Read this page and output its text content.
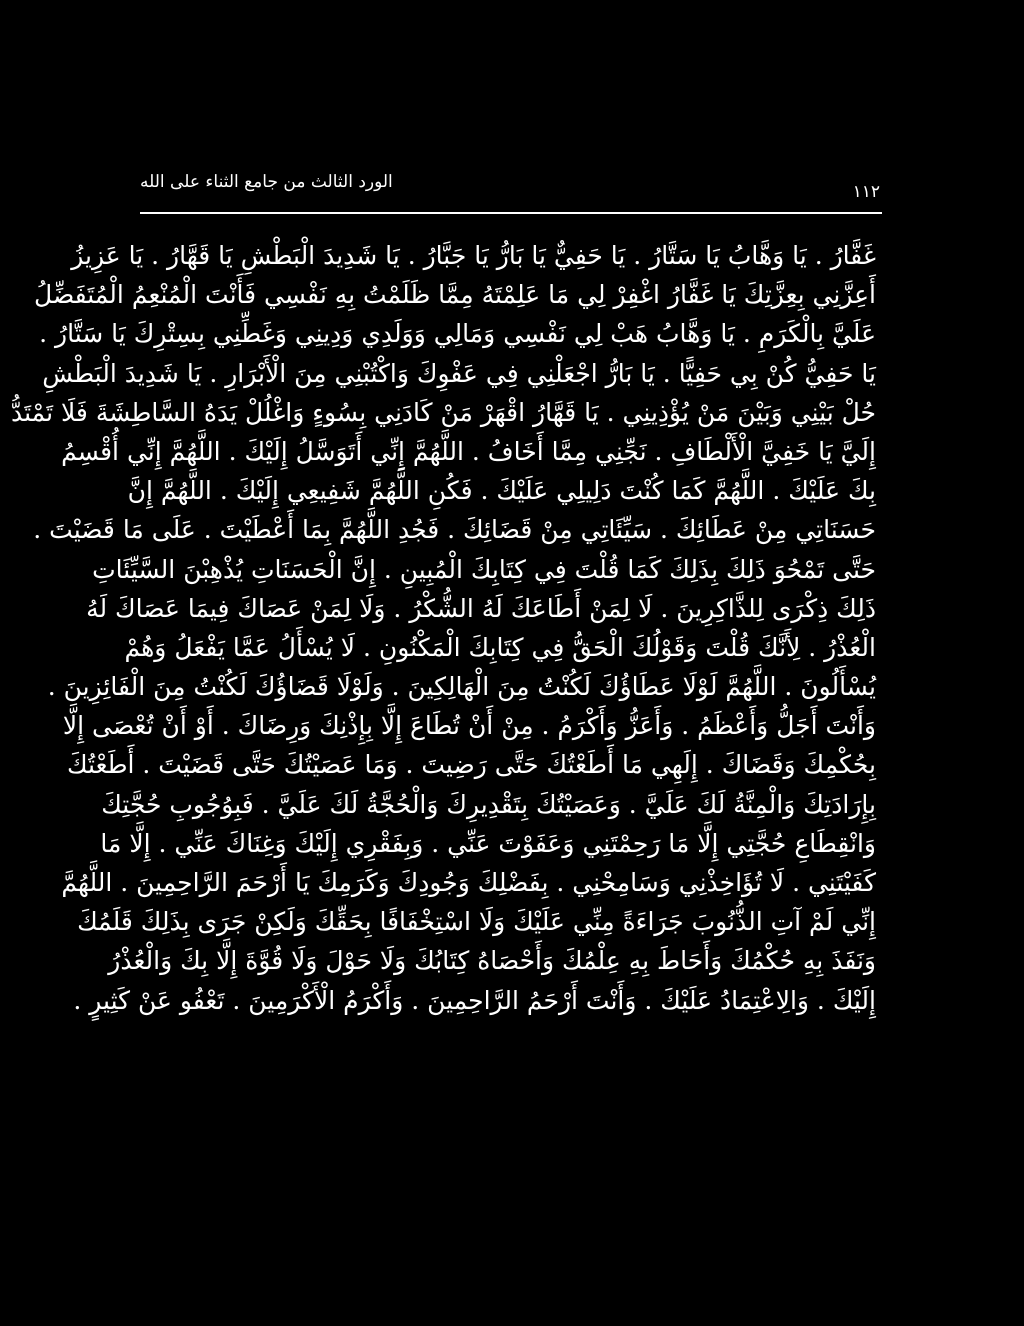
١١٢
الورد الثالث من جامع الثناء على الله
غَفَّارُ . يَا وَهَّابُ يَا سَتَّارُ . يَا حَفِيٌّ يَا بَارُّ يَا جَبَّارُ . يَا شَدِيدَ الْبَطْشِ يَا قَهَّارُ . يَا عَزِيزُ
أَعِزَّنِي بِعِزَّتِكَ يَا غَفَّارُ اغْفِرْ لِي مَا عَلِمْتَهُ مِمَّا ظَلَمْتُ بِهِ نَفْسِي فَأَنْتَ الْمُنْعِمُ الْمُتَفَضِّلُ
عَلَيَّ بِالْكَرَمِ . يَا وَهَّابُ هَبْ لِي نَفْسِي وَمَالِي وَوَلَدِي وَدِينِي وَغَطِّنِي بِسِتْرِكَ يَا سَتَّارُ .
يَا حَفِيُّ كُنْ بِي حَفِيًّا . يَا بَارُّ اجْعَلْنِي فِي عَفْوِكَ وَاكْتُبْنِي مِنَ الْأَبْرَارِ . يَا شَدِيدَ الْبَطْشِ
حُلْ بَيْنِي وَبَيْنَ مَنْ يُؤْذِينِي . يَا قَهَّارُ اقْهَرْ مَنْ كَادَنِي بِسُوءٍ وَاغْلُلْ يَدَهُ السَّاطِشَةَ فَلَا تَمْتَدُّ
إِلَيَّ يَا خَفِيَّ الْأَلْطَافِ . نَجِّنِي مِمَّا أَخَافُ . اللَّهُمَّ إِنِّي أَتَوَسَّلُ إِلَيْكَ . اللَّهُمَّ إِنِّي أُقْسِمُ
بِكَ عَلَيْكَ . اللَّهُمَّ كَمَا كُنْتَ دَلِيلِي عَلَيْكَ . فَكُنِ اللَّهُمَّ شَفِيعِي إِلَيْكَ . اللَّهُمَّ إِنَّ
حَسَنَاتِي مِنْ عَطَائِكَ . سَيِّئَاتِي مِنْ قَضَائِكَ . فَجُدِ اللَّهُمَّ بِمَا أَعْطَيْتَ . عَلَى مَا قَضَيْتَ .
حَتَّى تَمْحُوَ ذَلِكَ بِذَلِكَ كَمَا قُلْتَ فِي كِتَابِكَ الْمُبِينِ . إِنَّ الْحَسَنَاتِ يُذْهِبْنَ السَّيِّئَاتِ
ذَلِكَ ذِكْرَى لِلذَّاكِرِينَ . لَا لِمَنْ أَطَاعَكَ لَهُ الشُّكْرُ . وَلَا لِمَنْ عَصَاكَ فِيمَا عَصَاكَ لَهُ
الْعُذْرُ . لِأَنَّكَ قُلْتَ وَقَوْلُكَ الْحَقُّ فِي كِتَابِكَ الْمَكْنُونِ . لَا يُسْأَلُ عَمَّا يَفْعَلُ وَهُمْ
يُسْأَلُونَ . اللَّهُمَّ لَوْلَا عَطَاؤُكَ لَكُنْتُ مِنَ الْهَالِكِينَ . وَلَوْلَا قَضَاؤُكَ لَكُنْتُ مِنَ الْفَائِزِينَ .
وَأَنْتَ أَجَلُّ وَأَعْظَمُ . وَأَعَزُّ وَأَكْرَمُ . مِنْ أَنْ تُطَاعَ إِلَّا بِإِذْنِكَ وَرِضَاكَ . أَوْ أَنْ تُعْصَى إِلَّا
بِحُكْمِكَ وَقَضَاكَ . إِلَهِي مَا أَطَعْتُكَ حَتَّى رَضِيتَ . وَمَا عَصَيْتُكَ حَتَّى قَضَيْتَ . أَطَعْتُكَ
بِإِرَادَتِكَ وَالْمِنَّةُ لَكَ عَلَيَّ . وَعَصَيْتُكَ بِتَقْدِيرِكَ وَالْحُجَّةُ لَكَ عَلَيَّ . فَبِوُجُوبِ حُجَّتِكَ
وَانْقِطَاعِ حُجَّتِي إِلَّا مَا رَحِمْتَنِي وَعَفَوْتَ عَنِّي . وَبِفَقْرِي إِلَيْكَ وَغِنَاكَ عَنِّي . إِلَّا مَا
كَفَيْتَنِي . لَا تُؤَاخِذْنِي وَسَامِحْنِي . بِفَضْلِكَ وَجُودِكَ وَكَرَمِكَ يَا أَرْحَمَ الرَّاحِمِينَ . اللَّهُمَّ
إِنِّي لَمْ آتِ الذُّنُوبَ جَرَاءَةً مِنِّي عَلَيْكَ وَلَا اسْتِخْفَافًا بِحَقِّكَ وَلَكِنْ جَرَى بِذَلِكَ قَلَمُكَ
وَنَفَذَ بِهِ حُكْمُكَ وَأَحَاطَ بِهِ عِلْمُكَ وَأَحْصَاهُ كِتَابُكَ وَلَا حَوْلَ وَلَا قُوَّةَ إِلَّا بِكَ وَالْعُذْرُ
إِلَيْكَ . وَالِاعْتِمَادُ عَلَيْكَ . وَأَنْتَ أَرْحَمُ الرَّاحِمِينَ . وَأَكْرَمُ الْأَكْرَمِينَ . تَعْفُو عَنْ كَثِيرٍ .
